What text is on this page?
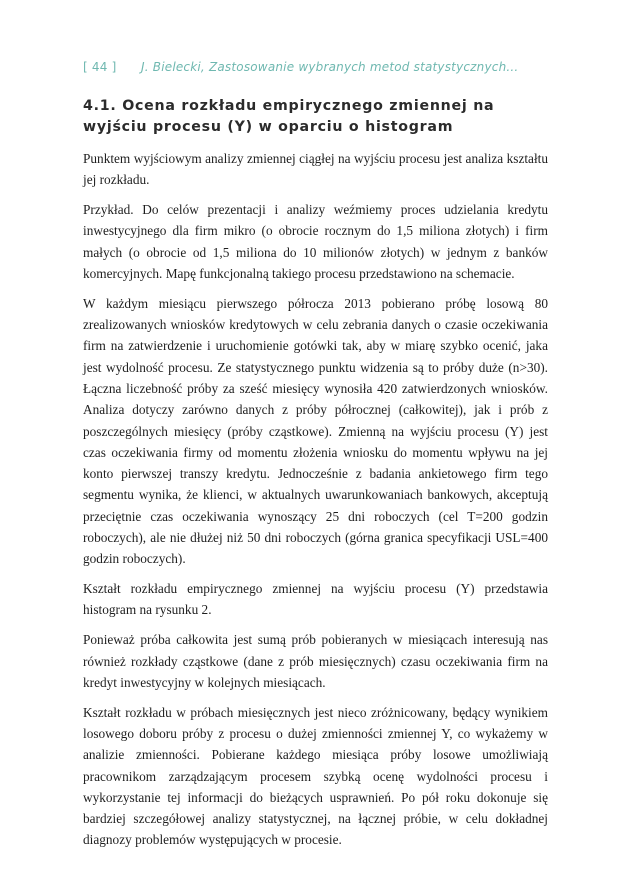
[ 44 ] J. Bielecki, Zastosowanie wybranych metod statystycznych...
4.1. Ocena rozkładu empirycznego zmiennej na wyjściu procesu (Y) w oparciu o histogram

Punktem wyjściowym analizy zmiennej ciągłej na wyjściu procesu jest analiza kształtu jej rozkładu.

Przykład. Do celów prezentacji i analizy weźmiemy proces udzielania kredytu inwestycyjnego dla firm mikro (o obrocie rocznym do 1,5 miliona złotych) i firm małych (o obrocie od 1,5 miliona do 10 milionów złotych) w jednym z banków komercyjnych. Mapę funkcjonalną takiego procesu przedstawiono na schemacie.

W każdym miesiącu pierwszego półrocza 2013 pobierano próbę losową 80 zrealizowanych wniosków kredytowych w celu zebrania danych o czasie oczekiwania firm na zatwierdzenie i uruchomienie gotówki tak, aby w miarę szybko ocenić, jaka jest wydolność procesu. Ze statystycznego punktu widzenia są to próby duże (n>30). Łączna liczebność próby za sześć miesięcy wynosiła 420 zatwierdzonych wniosków. Analiza dotyczy zarówno danych z próby półrocznej (całkowitej), jak i prób z poszczególnych miesięcy (próby cząstkowe). Zmienną na wyjściu procesu (Y) jest czas oczekiwania firmy od momentu złożenia wniosku do momentu wpływu na jej konto pierwszej transzy kredytu. Jednocześnie z badania ankietowego firm tego segmentu wynika, że klienci, w aktualnych uwarunkowaniach bankowych, akceptują przeciętnie czas oczekiwania wynoszący 25 dni roboczych (cel T=200 godzin roboczych), ale nie dłużej niż 50 dni roboczych (górna granica specyfikacji USL=400 godzin roboczych).

Kształt rozkładu empirycznego zmiennej na wyjściu procesu (Y) przedstawia histogram na rysunku 2.

Ponieważ próba całkowita jest sumą prób pobieranych w miesiącach interesują nas również rozkłady cząstkowe (dane z prób miesięcznych) czasu oczekiwania firm na kredyt inwestycyjny w kolejnych miesiącach.

Kształt rozkładu w próbach miesięcznych jest nieco zróżnicowany, będący wynikiem losowego doboru próby z procesu o dużej zmienności zmiennej Y, co wykażemy w analizie zmienności. Pobierane każdego miesiąca próby losowe umożliwiają pracownikom zarządzającym procesem szybką ocenę wydolności procesu i wykorzystanie tej informacji do bieżących usprawnień. Po pół roku dokonuje się bardziej szczegółowej analizy statystycznej, na łącznej próbie, w celu dokładnej diagnozy problemów występujących w procesie.
